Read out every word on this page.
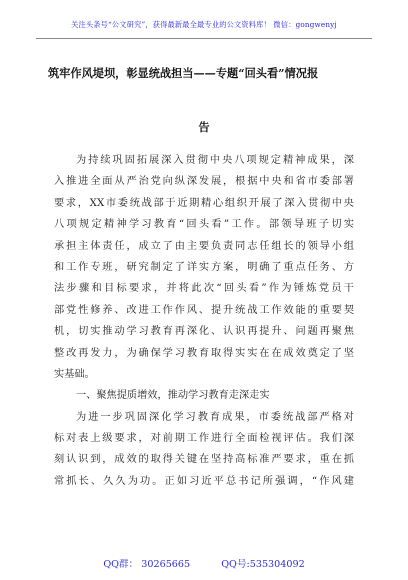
关注头条号“公文研究”，获得最新最全最专业的公文资料库！ 微信：gongwenyj
筑牢作风堤坝，彰显统战担当——专题“回头看”情况报
告
为持续巩固拓展深入贯彻中央八项规定精神成果，深
入推进全面从严治党向纵深发展，根据中央和省市委部署
要求，XX市委统战部于近期精心组织开展了深入贯彻中央
八项规定精神学习教育“回头看”工作。部领导班子切实
承担主体责任，成立了由主要负责同志任组长的领导小组
和工作专班，研究制定了详实方案，明确了重点任务、方
法步骤和目标要求，并将此次“回头看”作为锤炼党员干
部党性修养、改进工作作风、提升统战工作效能的重要契
机，切实推动学习教育再深化、认识再提升、问题再聚焦
整改再发力，为确保学习教育取得实实在在成效奠定了坚
实基础。
一、聚焦提质增效，推动学习教育走深走实
为进一步巩固深化学习教育成果，市委统战部严格对
标对表上级要求，对前期工作进行全面检视评估。我们深
刻认识到，成效的取得关键在坚持高标准严要求，重在抓
常抓长、久久为功。正如习近平总书记所强调，“作风建
QQ群： 30265665	QQ号:535304092
